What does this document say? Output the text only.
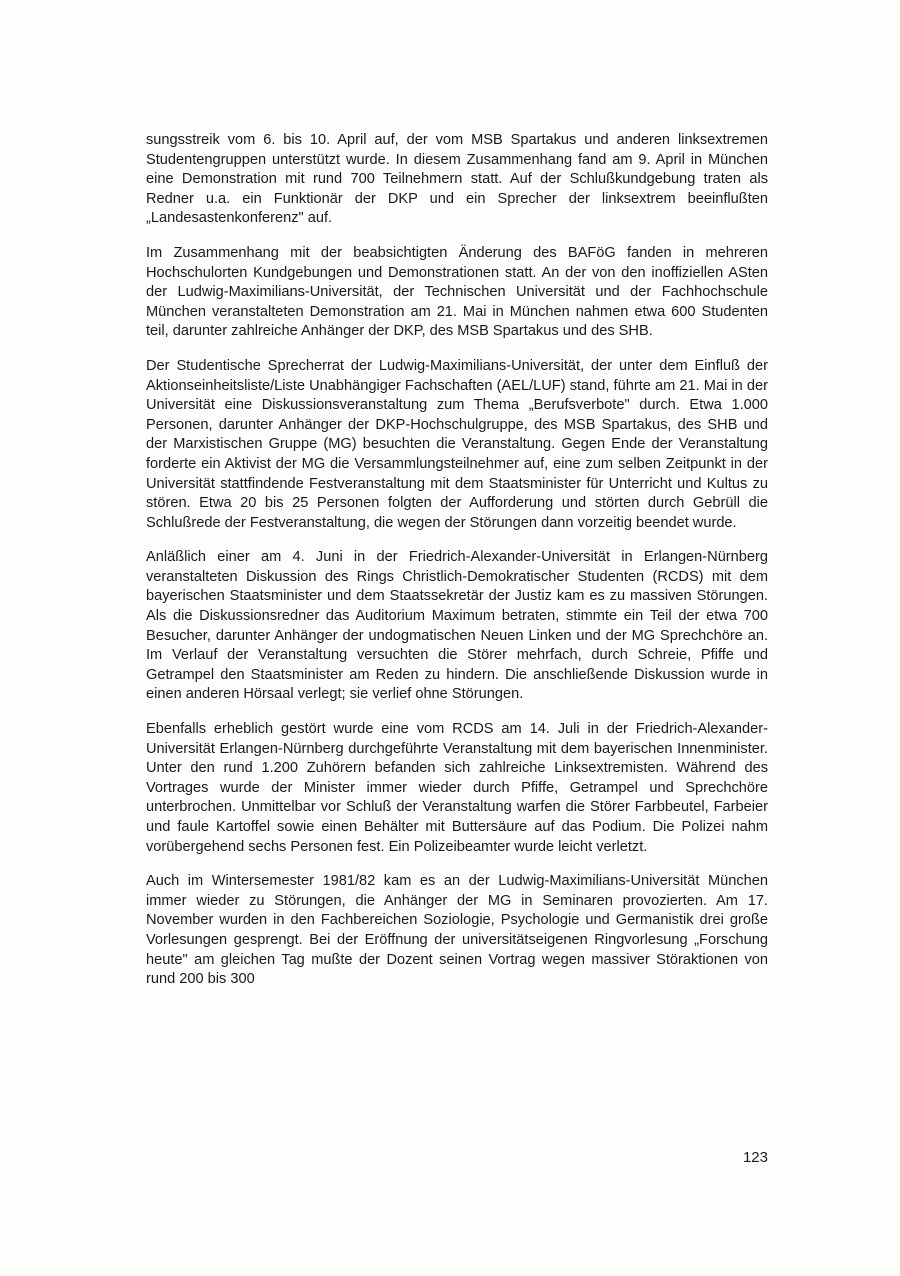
sungsstreik vom 6. bis 10. April auf, der vom MSB Spartakus und anderen linksextremen Studentengruppen unterstützt wurde. In diesem Zusammenhang fand am 9. April in München eine Demonstration mit rund 700 Teilnehmern statt. Auf der Schlußkundgebung traten als Redner u.a. ein Funktionär der DKP und ein Sprecher der linksextrem beeinflußten „Landesastenkonferenz" auf.

Im Zusammenhang mit der beabsichtigten Änderung des BAFöG fanden in mehreren Hochschulorten Kundgebungen und Demonstrationen statt. An der von den inoffiziellen ASten der Ludwig-Maximilians-Universität, der Technischen Universität und der Fachhochschule München veranstalteten Demonstration am 21. Mai in München nahmen etwa 600 Studenten teil, darunter zahlreiche Anhänger der DKP, des MSB Spartakus und des SHB.

Der Studentische Sprecherrat der Ludwig-Maximilians-Universität, der unter dem Einfluß der Aktionseinheitsliste/Liste Unabhängiger Fachschaften (AEL/LUF) stand, führte am 21. Mai in der Universität eine Diskussionsveranstaltung zum Thema „Berufsverbote" durch. Etwa 1.000 Personen, darunter Anhänger der DKP-Hochschulgruppe, des MSB Spartakus, des SHB und der Marxistischen Gruppe (MG) besuchten die Veranstaltung. Gegen Ende der Veranstaltung forderte ein Aktivist der MG die Versammlungsteilnehmer auf, eine zum selben Zeitpunkt in der Universität stattfindende Festveranstaltung mit dem Staatsminister für Unterricht und Kultus zu stören. Etwa 20 bis 25 Personen folgten der Aufforderung und störten durch Gebrüll die Schlußrede der Festveranstaltung, die wegen der Störungen dann vorzeitig beendet wurde.

Anläßlich einer am 4. Juni in der Friedrich-Alexander-Universität in Erlangen-Nürnberg veranstalteten Diskussion des Rings Christlich-Demokratischer Studenten (RCDS) mit dem bayerischen Staatsminister und dem Staatssekretär der Justiz kam es zu massiven Störungen. Als die Diskussionsredner das Auditorium Maximum betraten, stimmte ein Teil der etwa 700 Besucher, darunter Anhänger der undogmatischen Neuen Linken und der MG Sprechchöre an. Im Verlauf der Veranstaltung versuchten die Störer mehrfach, durch Schreie, Pfiffe und Getrampel den Staatsminister am Reden zu hindern. Die anschließende Diskussion wurde in einen anderen Hörsaal verlegt; sie verlief ohne Störungen.

Ebenfalls erheblich gestört wurde eine vom RCDS am 14. Juli in der Friedrich-Alexander-Universität Erlangen-Nürnberg durchgeführte Veranstaltung mit dem bayerischen Innenminister. Unter den rund 1.200 Zuhörern befanden sich zahlreiche Linksextremisten. Während des Vortrages wurde der Minister immer wieder durch Pfiffe, Getrampel und Sprechchöre unterbrochen. Unmittelbar vor Schluß der Veranstaltung warfen die Störer Farbbeutel, Farbeier und faule Kartoffel sowie einen Behälter mit Buttersäure auf das Podium. Die Polizei nahm vorübergehend sechs Personen fest. Ein Polizeibeamter wurde leicht verletzt.

Auch im Wintersemester 1981/82 kam es an der Ludwig-Maximilians-Universität München immer wieder zu Störungen, die Anhänger der MG in Seminaren provozierten. Am 17. November wurden in den Fachbereichen Soziologie, Psychologie und Germanistik drei große Vorlesungen gesprengt. Bei der Eröffnung der universitätseigenen Ringvorlesung „Forschung heute" am gleichen Tag mußte der Dozent seinen Vortrag wegen massiver Störaktionen von rund 200 bis 300

123
